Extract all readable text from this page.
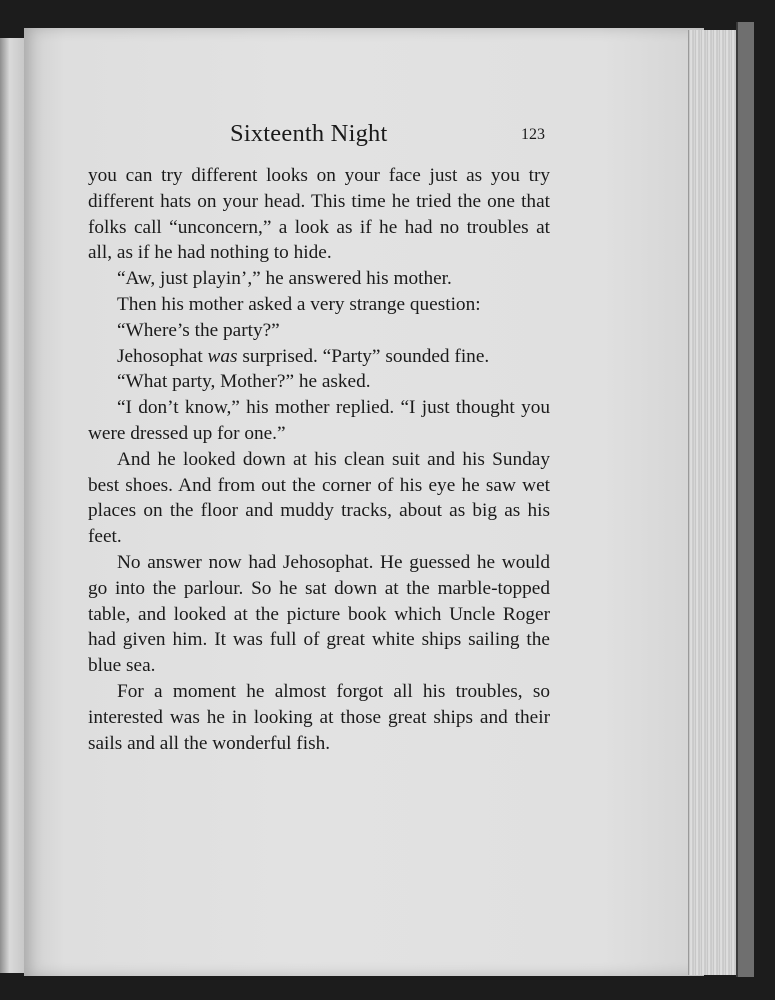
Sixteenth Night	123

you can try different looks on your face just as you try different hats on your head. This time he tried the one that folks call “unconcern,” a look as if he had no troubles at all, as if he had nothing to hide.

“Aw, just playin’,” he answered his mother.

Then his mother asked a very strange question:

“Where’s the party?”

Jehosophat was surprised. “Party” sounded fine.

“What party, Mother?” he asked.

“I don’t know,” his mother replied. “I just thought you were dressed up for one.”

And he looked down at his clean suit and his Sunday best shoes. And from out the corner of his eye he saw wet places on the floor and muddy tracks, about as big as his feet.

No answer now had Jehosophat. He guessed he would go into the parlour. So he sat down at the marble-topped table, and looked at the picture book which Uncle Roger had given him. It was full of great white ships sailing the blue sea.

For a moment he almost forgot all his troubles, so interested was he in looking at those great ships and their sails and all the wonderful fish.
